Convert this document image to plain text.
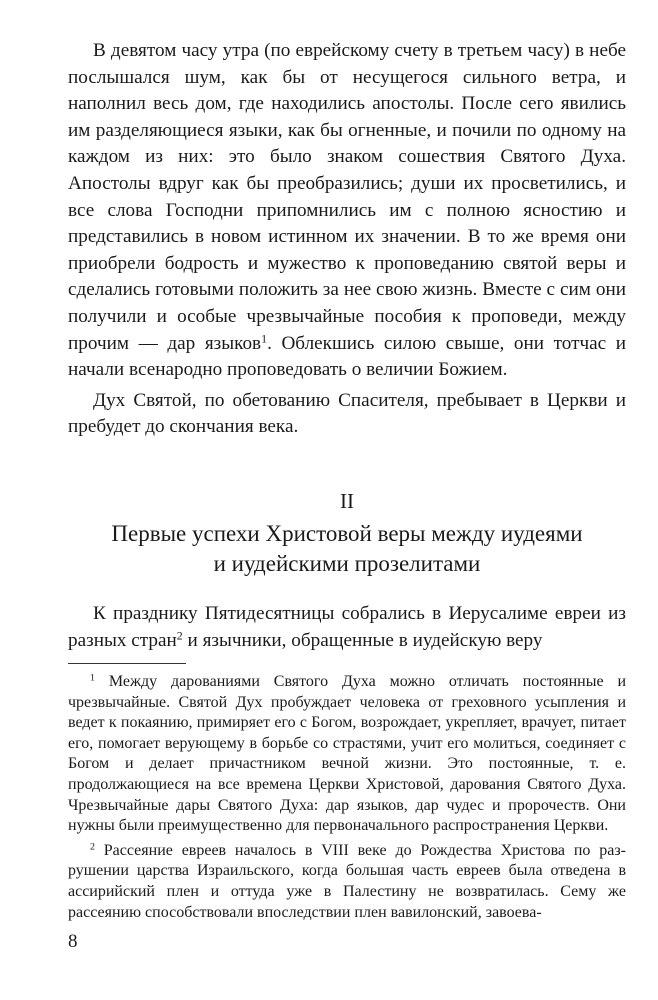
В девятом часу утра (по еврейскому счету в третьем часу) в небе послышался шум, как бы от несущегося сильного ветра, и наполнил весь дом, где находились апостолы. После сего явились им разделяющиеся языки, как бы огненные, и почили по одному на каждом из них: это было знаком сошествия Святого Духа. Апостолы вдруг как бы преобразились; души их просветились, и все слова Господни припомнились им с полною ясностию и представились в новом истинном их значении. В то же время они приобрели бодрость и мужество к проповеданию святой веры и сделались готовыми положить за нее свою жизнь. Вместе с сим они получили и особые чрезвычайные пособия к проповеди, между прочим — дар языков$^1$. Облекшись силою свыше, они тотчас и начали всенародно проповедовать о величии Божием.

Дух Святой, по обетованию Спасителя, пребывает в Церкви и пребудет до скончания века.

II
Первые успехи Христовой веры между иудеями
и иудейскими прозелитами

К празднику Пятидесятницы собрались в Иерусалиме евреи из разных стран$^2$ и язычники, обращенные в иудейскую веру

$^1$ Между дарованиями Святого Духа можно отличать постоянные и чрезвычайные. Святой Дух пробуждает человека от греховного усыпления и ведет к покаянию, примиряет его с Богом, возрождает, укрепляет, врачует, питает его, помогает верующему в борьбе со страстями, учит его молиться, соединяет с Богом и делает причастником вечной жизни. Это постоянные, т. е. продолжающиеся на все времена Церкви Христовой, дарования Святого Духа. Чрезвычайные дары Святого Духа: дар языков, дар чудес и пророчеств. Они нужны были преимущественно для первоначального распространения Церкви.

$^2$ Рассеяние евреев началось в VIII веке до Рождества Христова по разрушении царства Израильского, когда большая часть евреев была отведена в ассирийский плен и оттуда уже в Палестину не возвратилась. Сему же рассеянию способствовали впоследствии плен вавилонский, завоева-

8
